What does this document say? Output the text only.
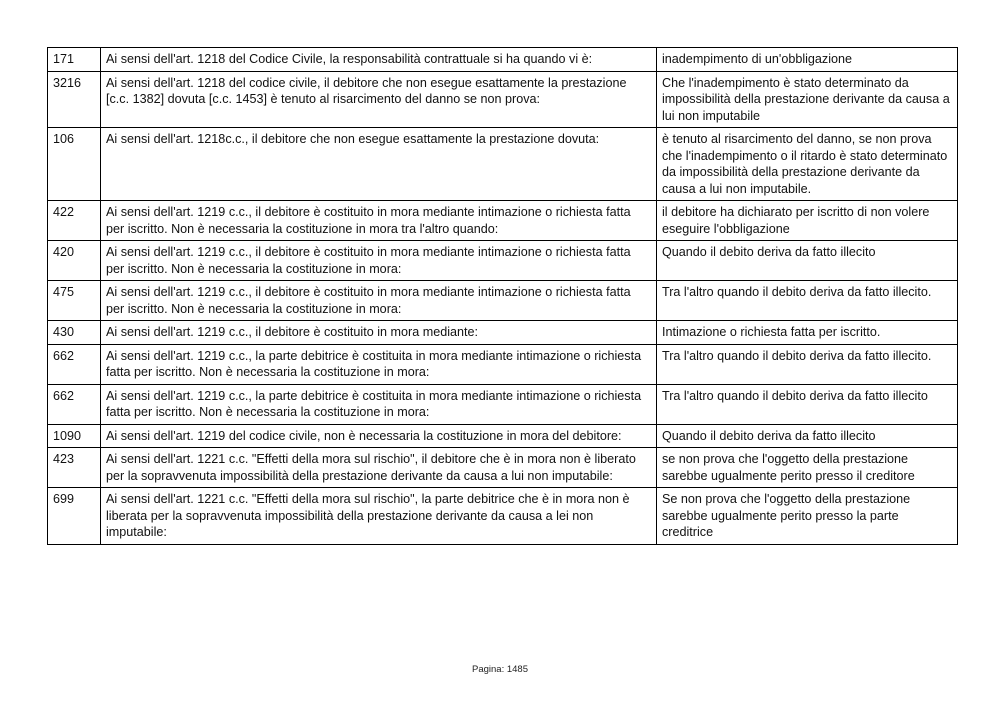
171	Ai sensi dell'art. 1218 del Codice Civile, la responsabilità contrattuale si ha quando vi è:	inadempimento di un'obbligazione
3216	Ai sensi dell'art. 1218 del codice civile, il debitore che non esegue esattamente la prestazione [c.c. 1382] dovuta [c.c. 1453] è tenuto al risarcimento del danno se non prova:	Che l'inadempimento è stato determinato da impossibilità della prestazione derivante da causa a lui non imputabile
106	Ai sensi dell'art. 1218c.c., il debitore che non esegue esattamente la prestazione dovuta:	è tenuto al risarcimento del danno, se non prova che l'inadempimento o il ritardo è stato determinato da impossibilità della prestazione derivante da causa a lui non imputabile.
422	Ai sensi dell'art. 1219 c.c., il debitore è costituito in mora mediante intimazione o richiesta fatta per iscritto. Non è necessaria la costituzione in mora tra l'altro quando:	il debitore ha dichiarato per iscritto di non volere eseguire l'obbligazione
420	Ai sensi dell'art. 1219 c.c., il debitore è costituito in mora mediante intimazione o richiesta fatta per iscritto. Non è necessaria la costituzione in mora:	Quando il debito deriva da fatto illecito
475	Ai sensi dell'art. 1219 c.c., il debitore è costituito in mora mediante intimazione o richiesta fatta per iscritto. Non è necessaria la costituzione in mora:	Tra l'altro quando il debito deriva da fatto illecito.
430	Ai sensi dell'art. 1219 c.c., il debitore è costituito in mora mediante:	Intimazione o richiesta fatta per iscritto.
662	Ai sensi dell'art. 1219 c.c., la parte debitrice è costituita in mora mediante intimazione o richiesta fatta per iscritto. Non è necessaria la costituzione in mora:	Tra l'altro quando il debito deriva da fatto illecito.
662	Ai sensi dell'art. 1219 c.c., la parte debitrice è costituita in mora mediante intimazione o richiesta fatta per iscritto. Non è necessaria la costituzione in mora:	Tra l'altro quando il debito deriva da fatto illecito
1090	Ai sensi dell'art. 1219 del codice civile, non è necessaria la costituzione in mora del debitore:	Quando il debito deriva da fatto illecito
423	Ai sensi dell'art. 1221 c.c. "Effetti della mora sul rischio", il debitore che è in mora non è liberato per la sopravvenuta impossibilità della prestazione derivante da causa a lui non imputabile:	se non prova che l'oggetto della prestazione sarebbe ugualmente perito presso il creditore
699	Ai sensi dell'art. 1221 c.c. "Effetti della mora sul rischio", la parte debitrice che è in mora non è liberata per la sopravvenuta impossibilità della prestazione derivante da causa a lei non imputabile:	Se non prova che l'oggetto della prestazione sarebbe ugualmente perito presso la parte creditrice
Pagina: 1485
